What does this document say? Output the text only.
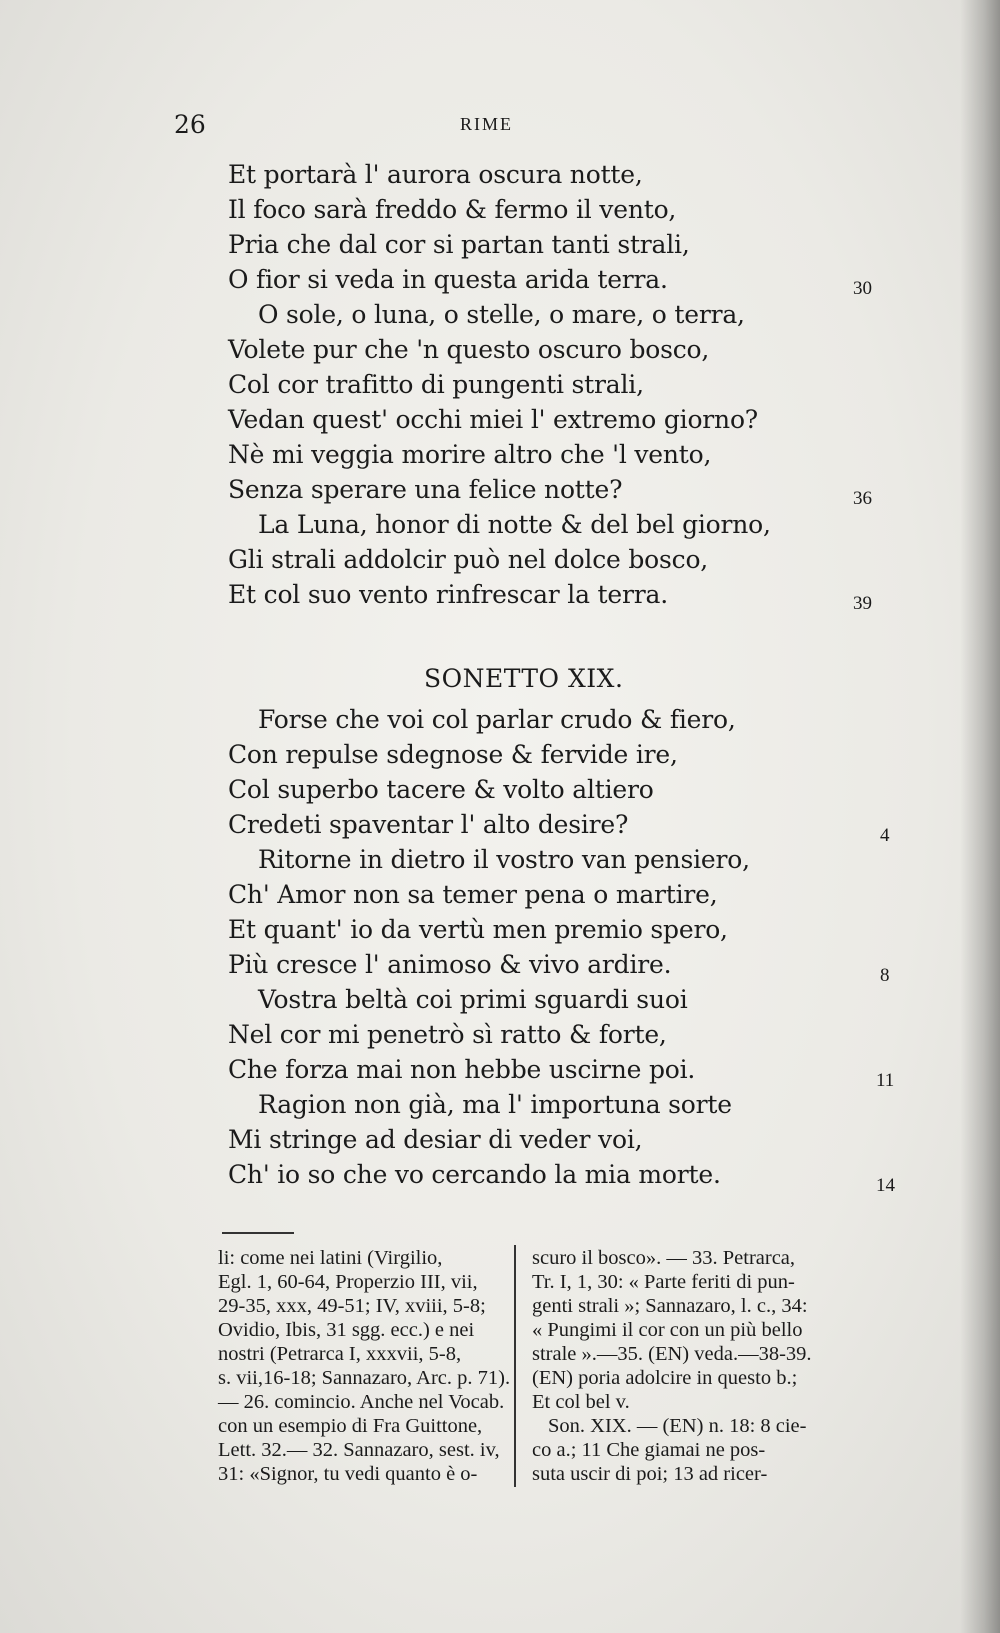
26	RIME
Et portarà l' aurora oscura notte,
Il foco sarà freddo & fermo il vento,
Pria che dal cor si partan tanti strali,
O fior si veda in questa arida terra.
O sole, o luna, o stelle, o mare, o terra,
Volete pur che 'n questo oscuro bosco,
Col cor trafitto di pungenti strali,
Vedan quest' occhi miei l' extremo giorno?
Nè mi veggia morire altro che 'l vento,
Senza sperare una felice notte?
La Luna, honor di notte & del bel giorno,
Gli strali addolcir può nel dolce bosco,
Et col suo vento rinfrescar la terra.
30
36
39
SONETTO XIX.
Forse che voi col parlar crudo & fiero,
Con repulse sdegnose & fervide ire,
Col superbo tacere & volto altiero
Credeti spaventar l' alto desire?
Ritorne in dietro il vostro van pensiero,
Ch' Amor non sa temer pena o martire,
Et quant' io da vertù men premio spero,
Più cresce l' animoso & vivo ardire.
Vostra beltà coi primi sguardi suoi
Nel cor mi penetrò sì ratto & forte,
Che forza mai non hebbe uscirne poi.
Ragion non già, ma l' importuna sorte
Mi stringe ad desiar di veder voi,
Ch' io so che vo cercando la mia morte.
4
8
11
14
li: come nei latini (Virgilio,
Egl. 1, 60-64, Properzio III, vii,
29-35, xxx, 49-51; IV, xviii, 5-8;
Ovidio, Ibis, 31 sgg. ecc.) e nei
nostri (Petrarca I, xxxvii, 5-8,
s. vii,16-18; Sannazaro, Arc. p. 71).
— 26. comincio. Anche nel Vocab.
con un esempio di Fra Guittone,
Lett. 32.— 32. Sannazaro, sest. iv,
31: «Signor, tu vedi quanto è o-
scuro il bosco». — 33. Petrarca,
Tr. I, 1, 30: « Parte feriti di pun-
genti strali »; Sannazaro, l. c., 34:
« Pungimi il cor con un più bello
strale ».—35. (EN) veda.—38-39.
(EN) poria adolcire in questo b.;
Et col bel v.
Son. XIX. — (EN) n. 18: 8 cie-
co a.; 11 Che giamai ne pos-
suta uscir di poi; 13 ad ricer-
